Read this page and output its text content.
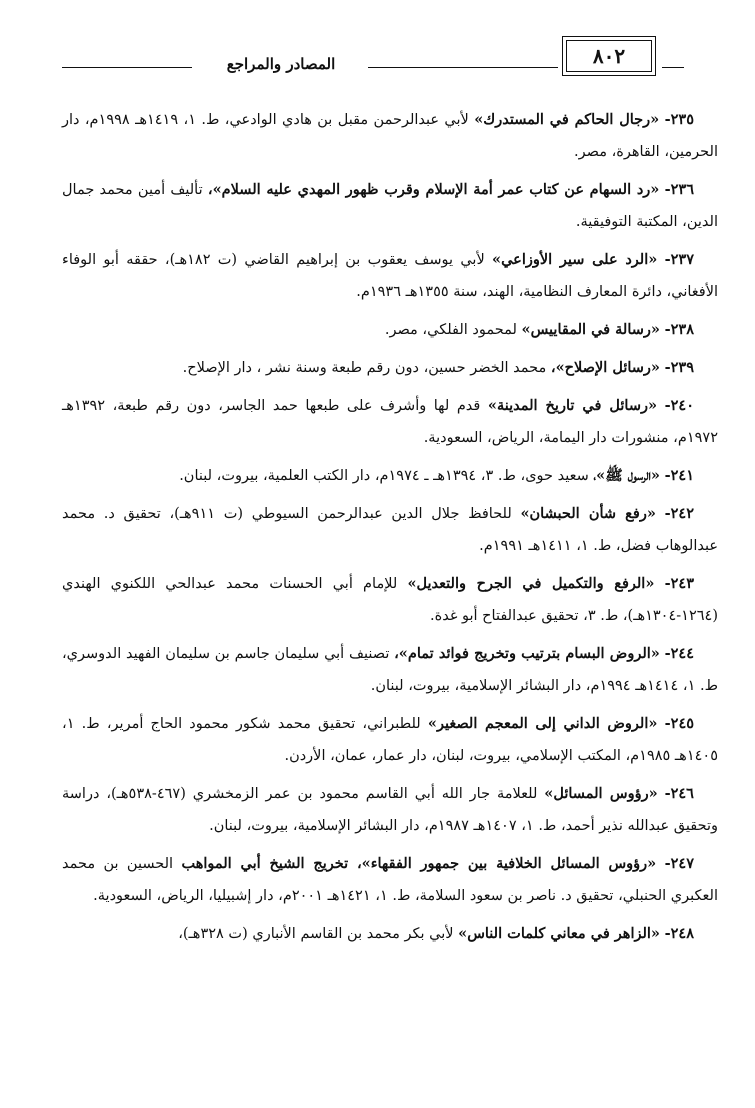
المصادر والمراجع	٨٠٢

٢٣٥- «رجال الحاكم في المستدرك» لأبي عبدالرحمن مقبل بن هادي الوادعي، ط. ١، ١٤١٩هـ ١٩٩٨م، دار الحرمين، القاهرة، مصر.

٢٣٦- «رد السهام عن كتاب عمر أمة الإسلام وقرب ظهور المهدي عليه السلام»، تأليف أمين محمد جمال الدين، المكتبة التوفيقية.

٢٣٧- «الرد على سير الأوزاعي» لأبي يوسف يعقوب بن إبراهيم القاضي (ت ١٨٢هـ)، حققه أبو الوفاء الأفغاني، دائرة المعارف النظامية، الهند، سنة ١٣٥٥هـ ١٩٣٦م.

٢٣٨- «رسالة في المقاييس» لمحمود الفلكي، مصر.

٢٣٩- «رسائل الإصلاح»، محمد الخضر حسين، دون رقم طبعة وسنة نشر ، دار الإصلاح.

٢٤٠- «رسائل في تاريخ المدينة» قدم لها وأشرف على طبعها حمد الجاسر، دون رقم طبعة، ١٣٩٢هـ ١٩٧٢م، منشورات دار اليمامة، الرياض، السعودية.

٢٤١- «الرسول ﷺ»، سعيد حوى، ط. ٣، ١٣٩٤هـ ـ ١٩٧٤م، دار الكتب العلمية، بيروت، لبنان.

٢٤٢- «رفع شأن الحبشان» للحافظ جلال الدين عبدالرحمن السيوطي (ت ٩١١هـ)، تحقيق د. محمد عبدالوهاب فضل، ط. ١، ١٤١١هـ ١٩٩١م.

٢٤٣- «الرفع والتكميل في الجرح والتعديل» للإمام أبي الحسنات محمد عبدالحي اللكنوي الهندي (١٢٦٤-١٣٠٤هـ)، ط. ٣، تحقيق عبدالفتاح أبو غدة.

٢٤٤- «الروض البسام بترتيب وتخريج فوائد تمام»، تصنيف أبي سليمان جاسم بن سليمان الفهيد الدوسري، ط. ١، ١٤١٤هـ ١٩٩٤م، دار البشائر الإسلامية، بيروت، لبنان.

٢٤٥- «الروض الداني إلى المعجم الصغير» للطبراني، تحقيق محمد شكور محمود الحاج أمرير، ط. ١، ١٤٠٥هـ ١٩٨٥م، المكتب الإسلامي، بيروت، لبنان، دار عمار، عمان، الأردن.

٢٤٦- «رؤوس المسائل» للعلامة جار الله أبي القاسم محمود بن عمر الزمخشري (٤٦٧-٥٣٨هـ)، دراسة وتحقيق عبدالله نذير أحمد، ط. ١، ١٤٠٧هـ ١٩٨٧م، دار البشائر الإسلامية، بيروت، لبنان.

٢٤٧- «رؤوس المسائل الخلافية بين جمهور الفقهاء»، تخريج الشيخ أبي المواهب الحسين بن محمد العكبري الحنبلي، تحقيق د. ناصر بن سعود السلامة، ط. ١، ١٤٢١هـ ٢٠٠١م، دار إشبيليا، الرياض، السعودية.

٢٤٨- «الزاهر في معاني كلمات الناس» لأبي بكر محمد بن القاسم الأنباري (ت ٣٢٨هـ)،
